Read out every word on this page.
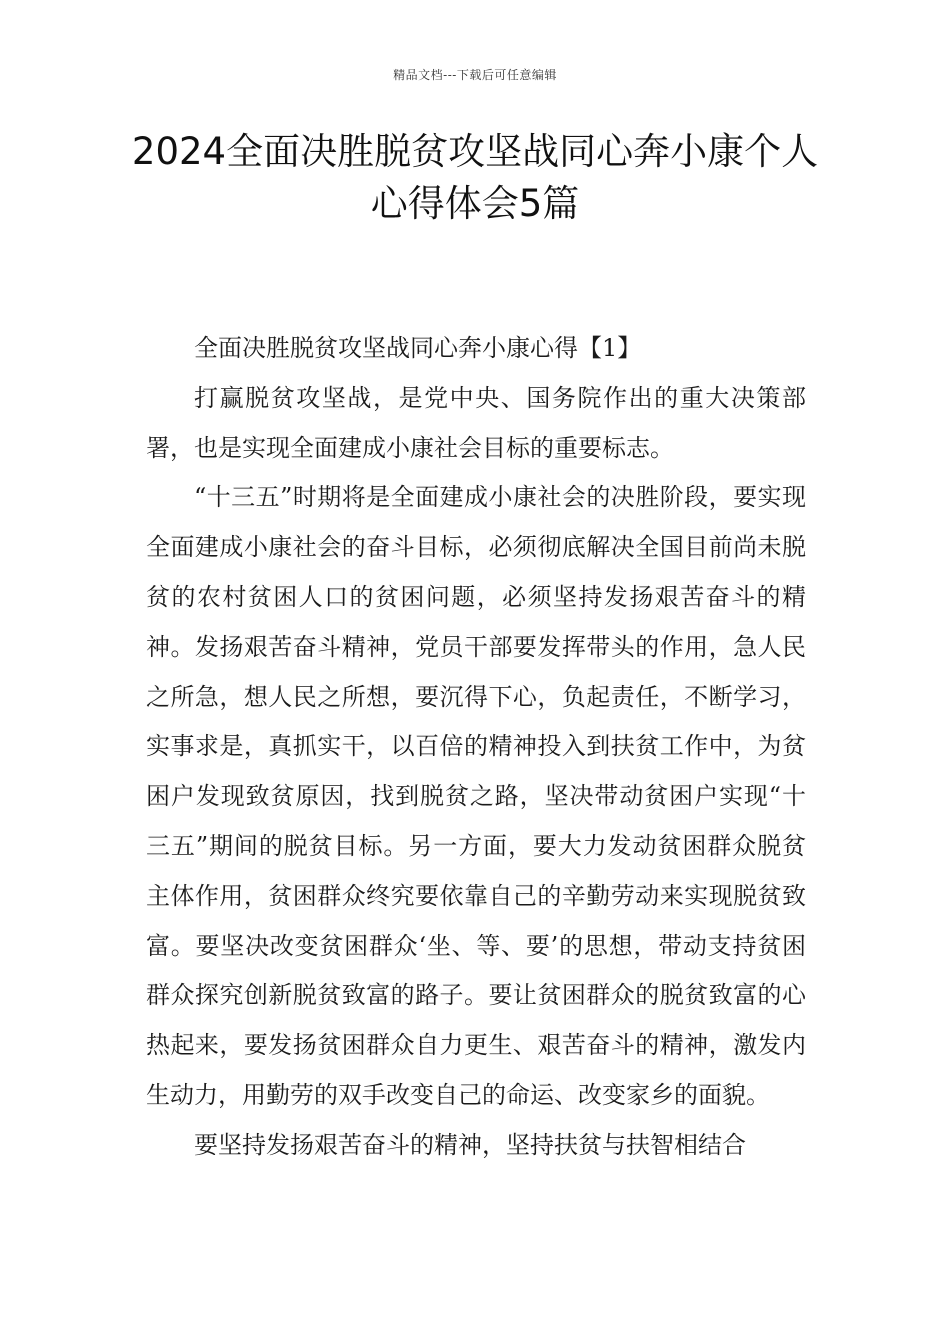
精品文档---下载后可任意编辑
2024全面决胜脱贫攻坚战同心奔小康个人心得体会5篇

全面决胜脱贫攻坚战同心奔小康心得【1】

打赢脱贫攻坚战，是党中央、国务院作出的重大决策部署，也是实现全面建成小康社会目标的重要标志。

“十三五”时期将是全面建成小康社会的决胜阶段，要实现全面建成小康社会的奋斗目标，必须彻底解决全国目前尚未脱贫的农村贫困人口的贫困问题，必须坚持发扬艰苦奋斗的精神。发扬艰苦奋斗精神，党员干部要发挥带头的作用，急人民之所急，想人民之所想，要沉得下心，负起责任，不断学习，实事求是，真抓实干，以百倍的精神投入到扶贫工作中，为贫困户发现致贫原因，找到脱贫之路，坚决带动贫困户实现“十三五”期间的脱贫目标。另一方面，要大力发动贫困群众脱贫主体作用，贫困群众终究要依靠自己的辛勤劳动来实现脱贫致富。要坚决改变贫困群众‘坐、等、要’的思想，带动支持贫困群众探究创新脱贫致富的路子。要让贫困群众的脱贫致富的心热起来，要发扬贫困群众自力更生、艰苦奋斗的精神，激发内生动力，用勤劳的双手改变自己的命运、改变家乡的面貌。

要坚持发扬艰苦奋斗的精神，坚持扶贫与扶智相结合
